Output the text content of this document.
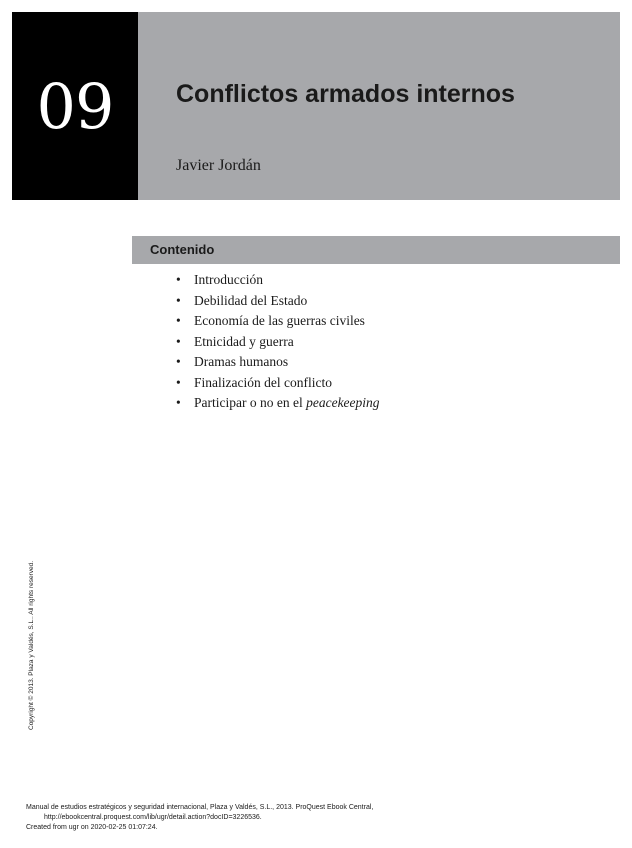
09	Conflictos armados internos
Javier Jordán
Contenido
• Introducción
• Debilidad del Estado
• Economía de las guerras civiles
• Etnicidad y guerra
• Dramas humanos
• Finalización del conflicto
• Participar o no en el peacekeeping
Copyright © 2013. Plaza y Valdés, S.L.. All rights reserved.
Manual de estudios estratégicos y seguridad internacional, Plaza y Valdés, S.L., 2013. ProQuest Ebook Central,
http://ebookcentral.proquest.com/lib/ugr/detail.action?docID=3226536.
Created from ugr on 2020-02-25 01:07:24.
